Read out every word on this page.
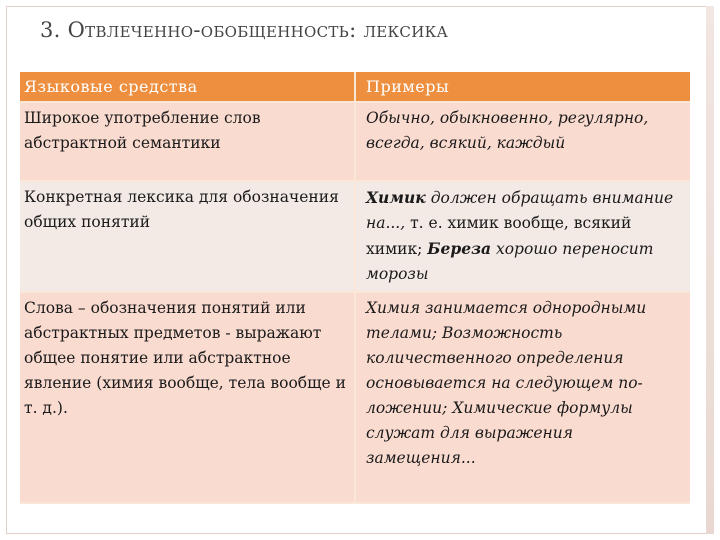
3. Отвлеченно-обобщенность: лексика
Языковые средства	Примеры
Широкое употребление слов абстрактной семантики	Обычно, обыкновенно, регулярно, всегда, всякий, каждый
Конкретная лексика для обозначения общих понятий	Химик должен обращать внимание на..., т. е. химик вообще, всякий химик; Береза хорошо переносит морозы
Слова – обозначения понятий или абстрактных предметов - выражают общее понятие или абстрактное явление (химия вообще, тела вообще и т. д.).	Химия занимается однородными телами; Возможность количественного определения основывается на следующем по-ложении; Химические формулы служат для выражения замещения...
